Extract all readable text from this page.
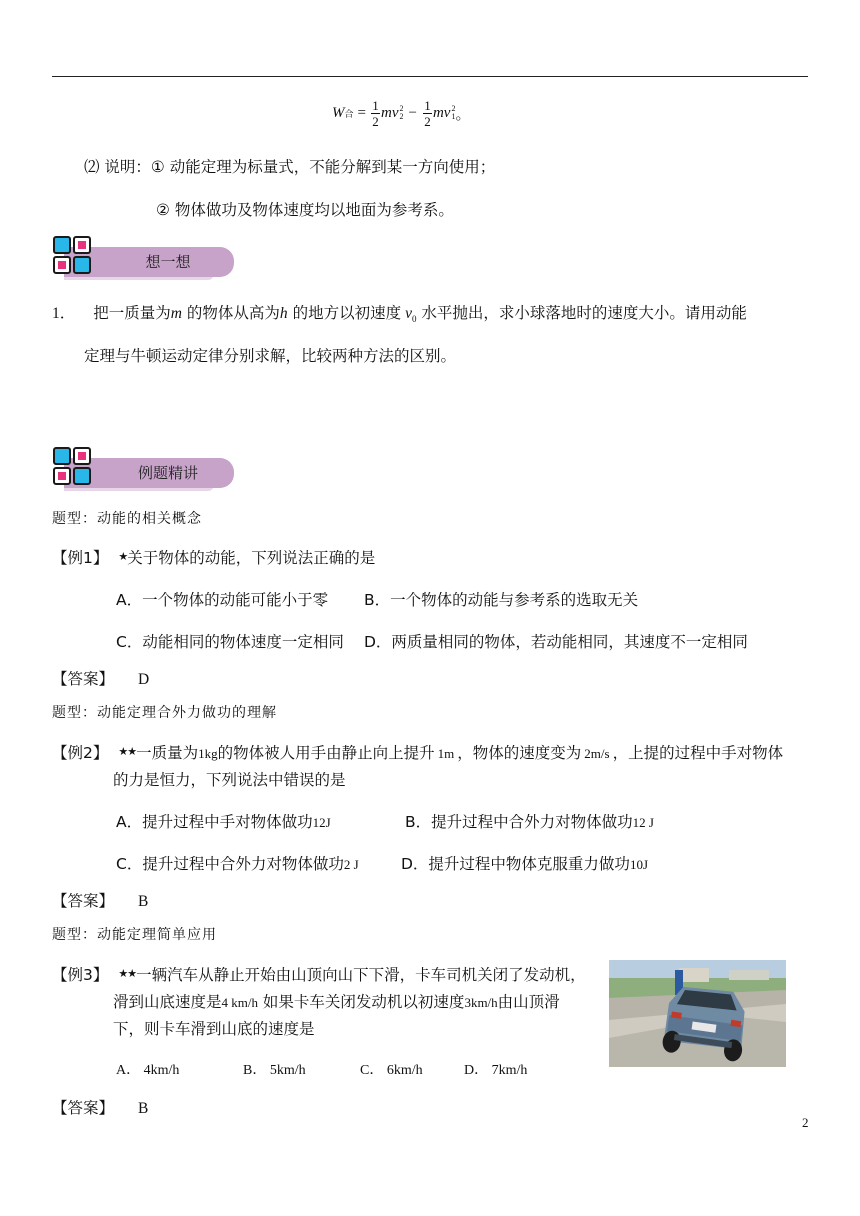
W 合 = $\frac{1}{2}$ mv 2
$2 - \frac{1}{2}$ mv 2
1 。
⑵ 说明：① 动能定理为标量式，不能分解到某一方向使用；
② 物体做功及物体速度均以地面为参考系。
想一想
1． 把一质量为m 的物体从高为h 的地方以初速度 $v_0$ 水平抛出，求小球落地时的速度大小。请用动能
定理与牛顿运动定律分别求解，比较两种方法的区别。
例题精讲
题型：动能的相关概念
【例1】 ★关于物体的动能，下列说法正确的是
A．一个物体的动能可能小于零 B．一个物体的动能与参考系的选取无关
C．动能相同的物体速度一定相同 D．两质量相同的物体，若动能相同，其速度不一定相同
【答案】 D
题型：动能定理合外力做功的理解
【例2】 ★★一质量为1kg的物体被人用手由静止向上提升 1m ，物体的速度变为 2m/s ，上提的过程中手对物体
的力是恒力，下列说法中错误的是
A．提升过程中手对物体做功12J	B．提升过程中合外力对物体做功12 J
C．提升过程中合外力对物体做功2 J	D．提升过程中物体克服重力做功10J
【答案】 B
题型：动能定理简单应用
【例3】 ★★一辆汽车从静止开始由山顶向山下下滑，卡车司机关闭了发动机，
滑到山底速度是4 km/h 如果卡车关闭发动机以初速度3km/h由山顶滑
下，则卡车滑到山底的速度是
A． 4km/h	B． 5km/h	C． 6km/h	D． 7km/h
【答案】 B
2
